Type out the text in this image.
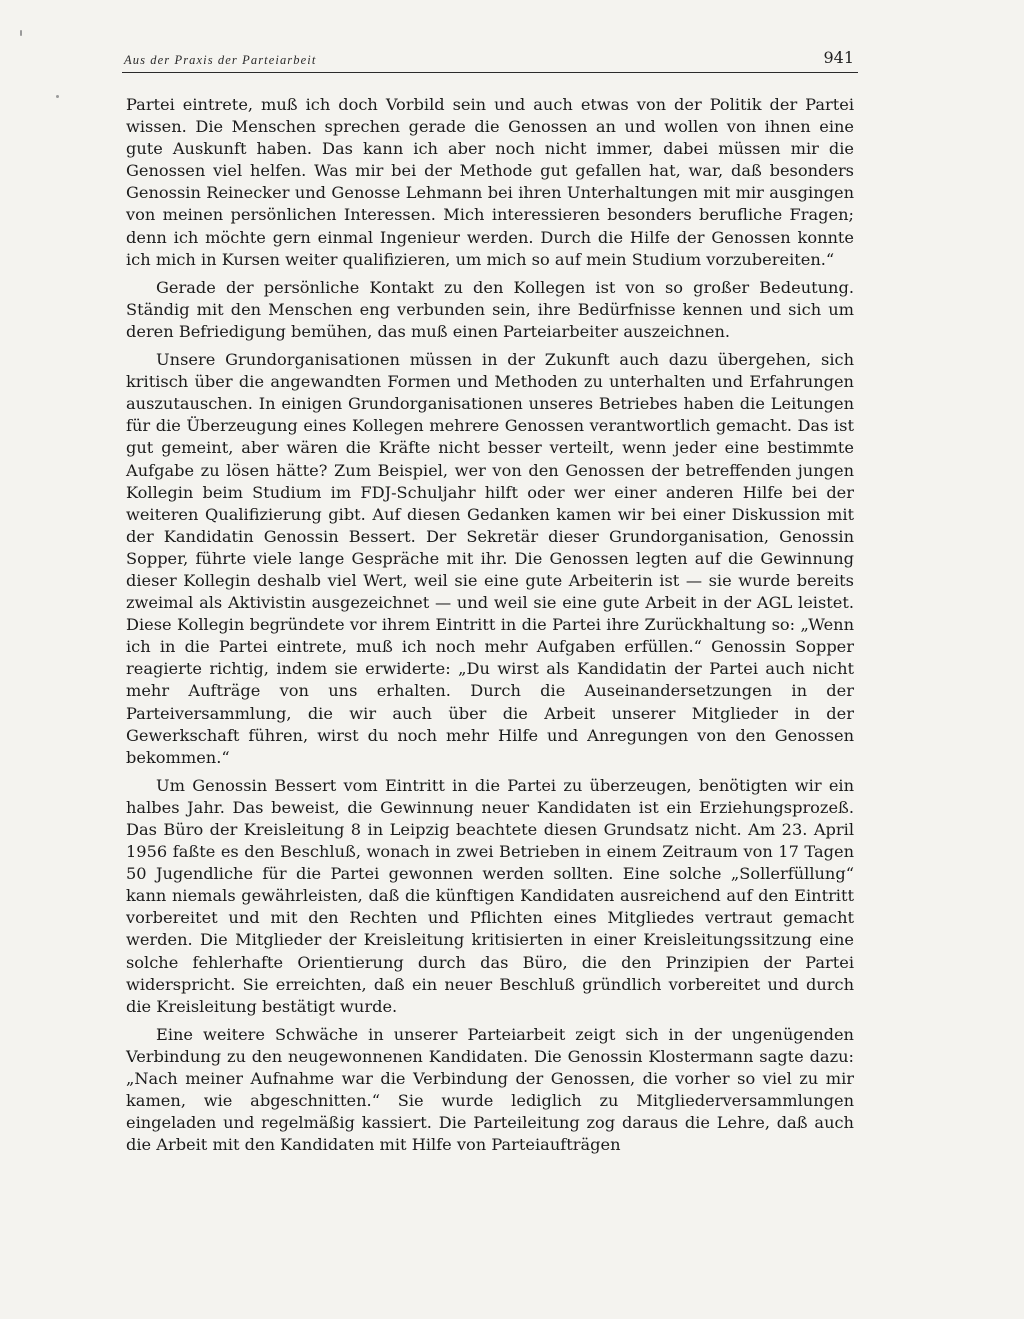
Aus der Praxis der Parteiarbeit	941

Partei eintrete, muß ich doch Vorbild sein und auch etwas von der Politik der Partei wissen. Die Menschen sprechen gerade die Genossen an und wollen von ihnen eine gute Auskunft haben. Das kann ich aber noch nicht immer, dabei müssen mir die Genossen viel helfen. Was mir bei der Methode gut gefallen hat, war, daß besonders Genossin Reinecker und Genosse Lehmann bei ihren Unterhaltungen mit mir ausgingen von meinen persönlichen Interessen. Mich interessieren besonders berufliche Fragen; denn ich möchte gern einmal Ingenieur werden. Durch die Hilfe der Genossen konnte ich mich in Kursen weiter qualifizieren, um mich so auf mein Studium vorzubereiten.“

Gerade der persönliche Kontakt zu den Kollegen ist von so großer Bedeutung. Ständig mit den Menschen eng verbunden sein, ihre Bedürfnisse kennen und sich um deren Befriedigung bemühen, das muß einen Parteiarbeiter auszeichnen.

Unsere Grundorganisationen müssen in der Zukunft auch dazu übergehen, sich kritisch über die angewandten Formen und Methoden zu unterhalten und Erfahrungen auszutauschen. In einigen Grundorganisationen unseres Betriebes haben die Leitungen für die Überzeugung eines Kollegen mehrere Genossen verantwortlich gemacht. Das ist gut gemeint, aber wären die Kräfte nicht besser verteilt, wenn jeder eine bestimmte Aufgabe zu lösen hätte? Zum Beispiel, wer von den Genossen der betreffenden jungen Kollegin beim Studium im FDJ-Schuljahr hilft oder wer einer anderen Hilfe bei der weiteren Qualifizierung gibt. Auf diesen Gedanken kamen wir bei einer Diskussion mit der Kandidatin Genossin Bessert. Der Sekretär dieser Grundorganisation, Genossin Sopper, führte viele lange Gespräche mit ihr. Die Genossen legten auf die Gewinnung dieser Kollegin deshalb viel Wert, weil sie eine gute Arbeiterin ist — sie wurde bereits zweimal als Aktivistin ausgezeichnet — und weil sie eine gute Arbeit in der AGL leistet. Diese Kollegin begründete vor ihrem Eintritt in die Partei ihre Zurückhaltung so: „Wenn ich in die Partei eintrete, muß ich noch mehr Aufgaben erfüllen.“ Genossin Sopper reagierte richtig, indem sie erwiderte: „Du wirst als Kandidatin der Partei auch nicht mehr Aufträge von uns erhalten. Durch die Auseinandersetzungen in der Parteiversammlung, die wir auch über die Arbeit unserer Mitglieder in der Gewerkschaft führen, wirst du noch mehr Hilfe und Anregungen von den Genossen bekommen.“

Um Genossin Bessert vom Eintritt in die Partei zu überzeugen, benötigten wir ein halbes Jahr. Das beweist, die Gewinnung neuer Kandidaten ist ein Erziehungsprozeß. Das Büro der Kreisleitung 8 in Leipzig beachtete diesen Grundsatz nicht. Am 23. April 1956 faßte es den Beschluß, wonach in zwei Betrieben in einem Zeitraum von 17 Tagen 50 Jugendliche für die Partei gewonnen werden sollten. Eine solche „Sollerfüllung“ kann niemals gewährleisten, daß die künftigen Kandidaten ausreichend auf den Eintritt vorbereitet und mit den Rechten und Pflichten eines Mitgliedes vertraut gemacht werden. Die Mitglieder der Kreisleitung kritisierten in einer Kreisleitungssitzung eine solche fehlerhafte Orientierung durch das Büro, die den Prinzipien der Partei widerspricht. Sie erreichten, daß ein neuer Beschluß gründlich vorbereitet und durch die Kreisleitung bestätigt wurde.

Eine weitere Schwäche in unserer Parteiarbeit zeigt sich in der ungenügenden Verbindung zu den neugewonnenen Kandidaten. Die Genossin Klostermann sagte dazu: „Nach meiner Aufnahme war die Verbindung der Genossen, die vorher so viel zu mir kamen, wie abgeschnitten.“ Sie wurde lediglich zu Mitgliederversammlungen eingeladen und regelmäßig kassiert. Die Parteileitung zog daraus die Lehre, daß auch die Arbeit mit den Kandidaten mit Hilfe von Parteiaufträgen
